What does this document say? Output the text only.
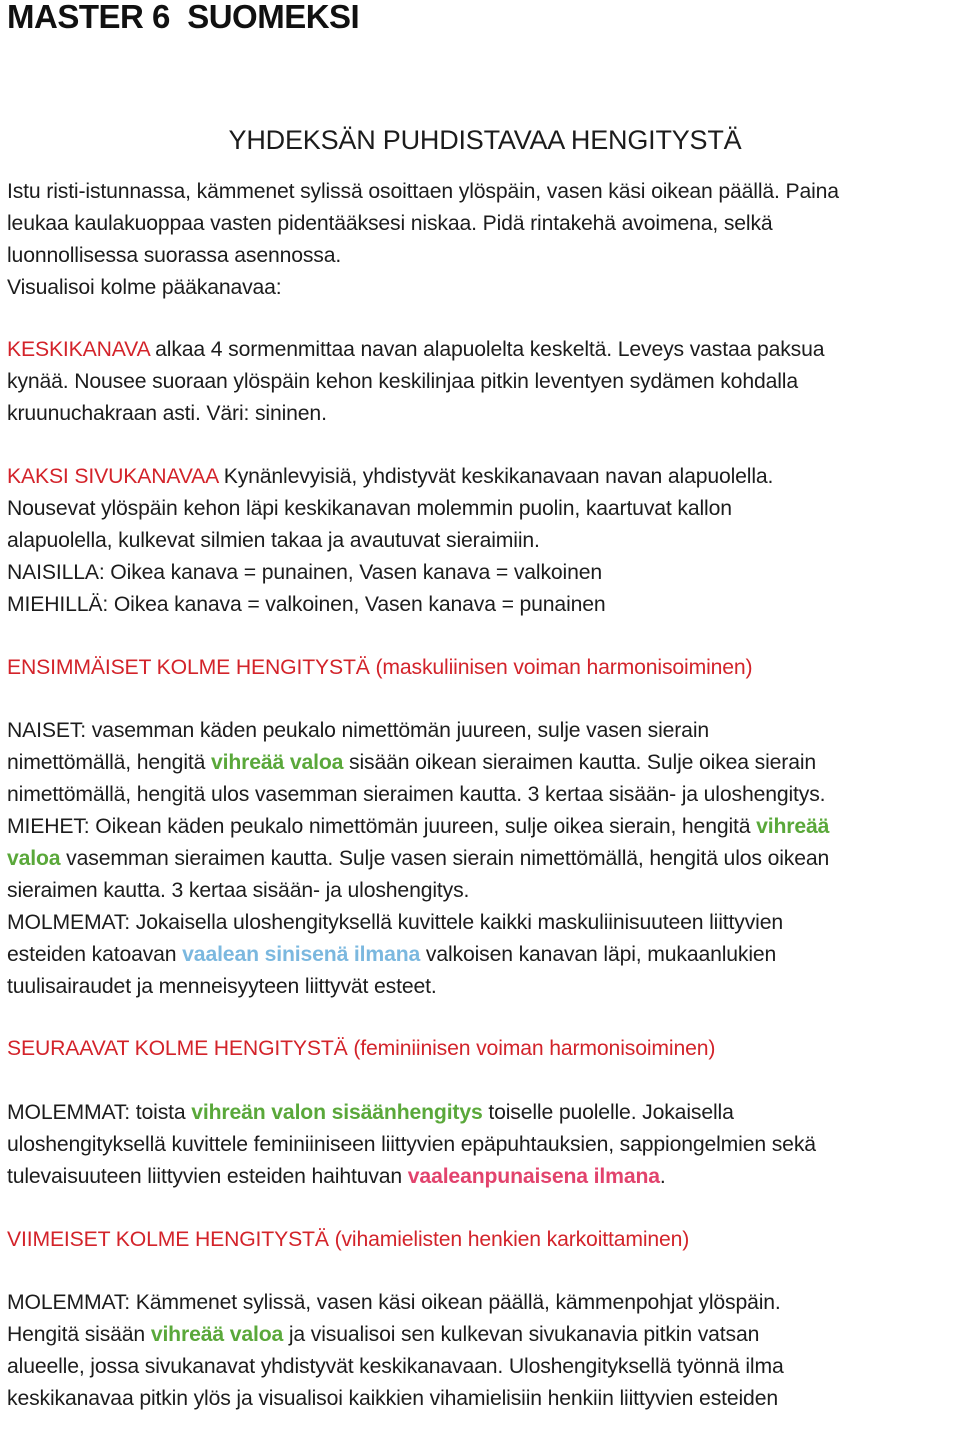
MASTER 6  SUOMEKSI
YHDEKSÄN PUHDISTAVAA HENGITYSTÄ
Istu risti-istunnassa, kämmenet sylissä osoittaen ylöspäin, vasen käsi oikean päällä. Paina
leukaa kaulakuoppaa vasten pidentääksesi niskaa. Pidä rintakehä avoimena, selkä
luonnollisessa suorassa asennossa.
Visualisoi kolme pääkanavaa:
KESKIKANAVA alkaa 4 sormenmittaa navan alapuolelta keskeltä. Leveys vastaa paksua
kynää. Nousee suoraan ylöspäin kehon keskilinjaa pitkin leventyen sydämen kohdalla
kruunuchakraan asti. Väri: sininen.
KAKSI SIVUKANAVAA Kynänlevyisiä, yhdistyvät keskikanavaan navan alapuolella.
Nousevat ylöspäin kehon läpi keskikanavan molemmin puolin, kaartuvat kallon
alapuolella, kulkevat silmien takaa ja avautuvat sieraimiin.
NAISILLA: Oikea kanava = punainen, Vasen kanava = valkoinen
MIEHILLÄ: Oikea kanava = valkoinen, Vasen kanava = punainen
ENSIMMÄISET KOLME HENGITYSTÄ (maskuliinisen voiman harmonisoiminen)
NAISET: vasemman käden peukalo nimettömän juureen, sulje vasen sierain
nimettömällä, hengitä vihreää valoa sisään oikean sieraimen kautta. Sulje oikea sierain
nimettömällä, hengitä ulos vasemman sieraimen kautta. 3 kertaa sisään- ja uloshengitys.
MIEHET: Oikean käden peukalo nimettömän juureen, sulje oikea sierain, hengitä vihreää
valoa vasemman sieraimen kautta. Sulje vasen sierain nimettömällä, hengitä ulos oikean
sieraimen kautta. 3 kertaa sisään- ja uloshengitys.
MOLMEMAT: Jokaisella uloshengityksellä kuvittele kaikki maskuliinisuuteen liittyvien
esteiden katoavan vaalean sinisenä ilmana valkoisen kanavan läpi, mukaanlukien
tuulisairaudet ja menneisyyteen liittyvät esteet.
SEURAAVAT KOLME HENGITYSTÄ (feminiinisen voiman harmonisoiminen)
MOLEMMAT: toista vihreän valon sisäänhengitys toiselle puolelle. Jokaisella
uloshengityksellä kuvittele feminiiniseen liittyvien epäpuhtauksien, sappiongelmien sekä
tulevaisuuteen liittyvien esteiden haihtuvan vaaleanpunaisena ilmana.
VIIMEISET KOLME HENGITYSTÄ (vihamielisten henkien karkoittaminen)
MOLEMMAT: Kämmenet sylissä, vasen käsi oikean päällä, kämmenpohjat ylöspäin.
Hengitä sisään vihreää valoa ja visualisoi sen kulkevan sivukanavia pitkin vatsan
alueelle, jossa sivukanavat yhdistyvät keskikanavaan. Uloshengityksellä työnnä ilma
keskikanavaa pitkin ylös ja visualisoi kaikkien vihamielisiin henkiin liittyvien esteiden
